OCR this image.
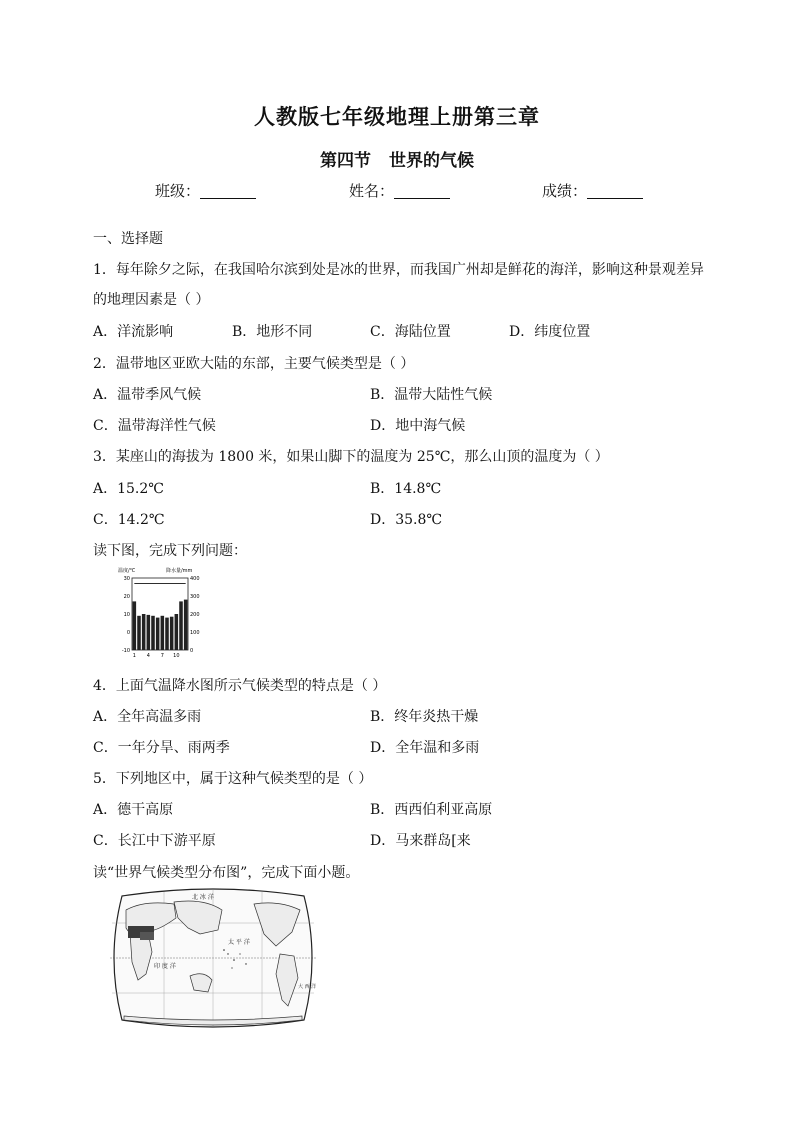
人教版七年级地理上册第三章
第四节 世界的气候
班级：	姓名：	成绩：
一、选择题
1．每年除夕之际，在我国哈尔滨到处是冰的世界，而我国广州却是鲜花的海洋，影响这种景观差异
的地理因素是（ ）
A．洋流影响	B．地形不同	C．海陆位置	D．纬度位置
2．温带地区亚欧大陆的东部，主要气候类型是（ ）
A．温带季风气候	B．温带大陆性气候
C．温带海洋性气候	D．地中海气候
3．某座山的海拔为 1800 米，如果山脚下的温度为 25℃，那么山顶的温度为（ ）
A．15.2℃	B．14.8℃
C．14.2℃	D．35.8℃
读下图，完成下列问题：
温度/℃	降水量/mm
30
20
10
0
-10
400
300
200
100
0
1 4 7 10
4．上面气温降水图所示气候类型的特点是（ ）
A．全年高温多雨	B．终年炎热干燥
C．一年分旱、雨两季	D．全年温和多雨
5．下列地区中，属于这种气候类型的是（ ）
A．德干高原	B．西西伯利亚高原
C．长江中下游平原	D．马来群岛[来
读“世界气候类型分布图”，完成下面小题。
北 冰 洋
印 度 洋
太 平 洋
大 西 洋
